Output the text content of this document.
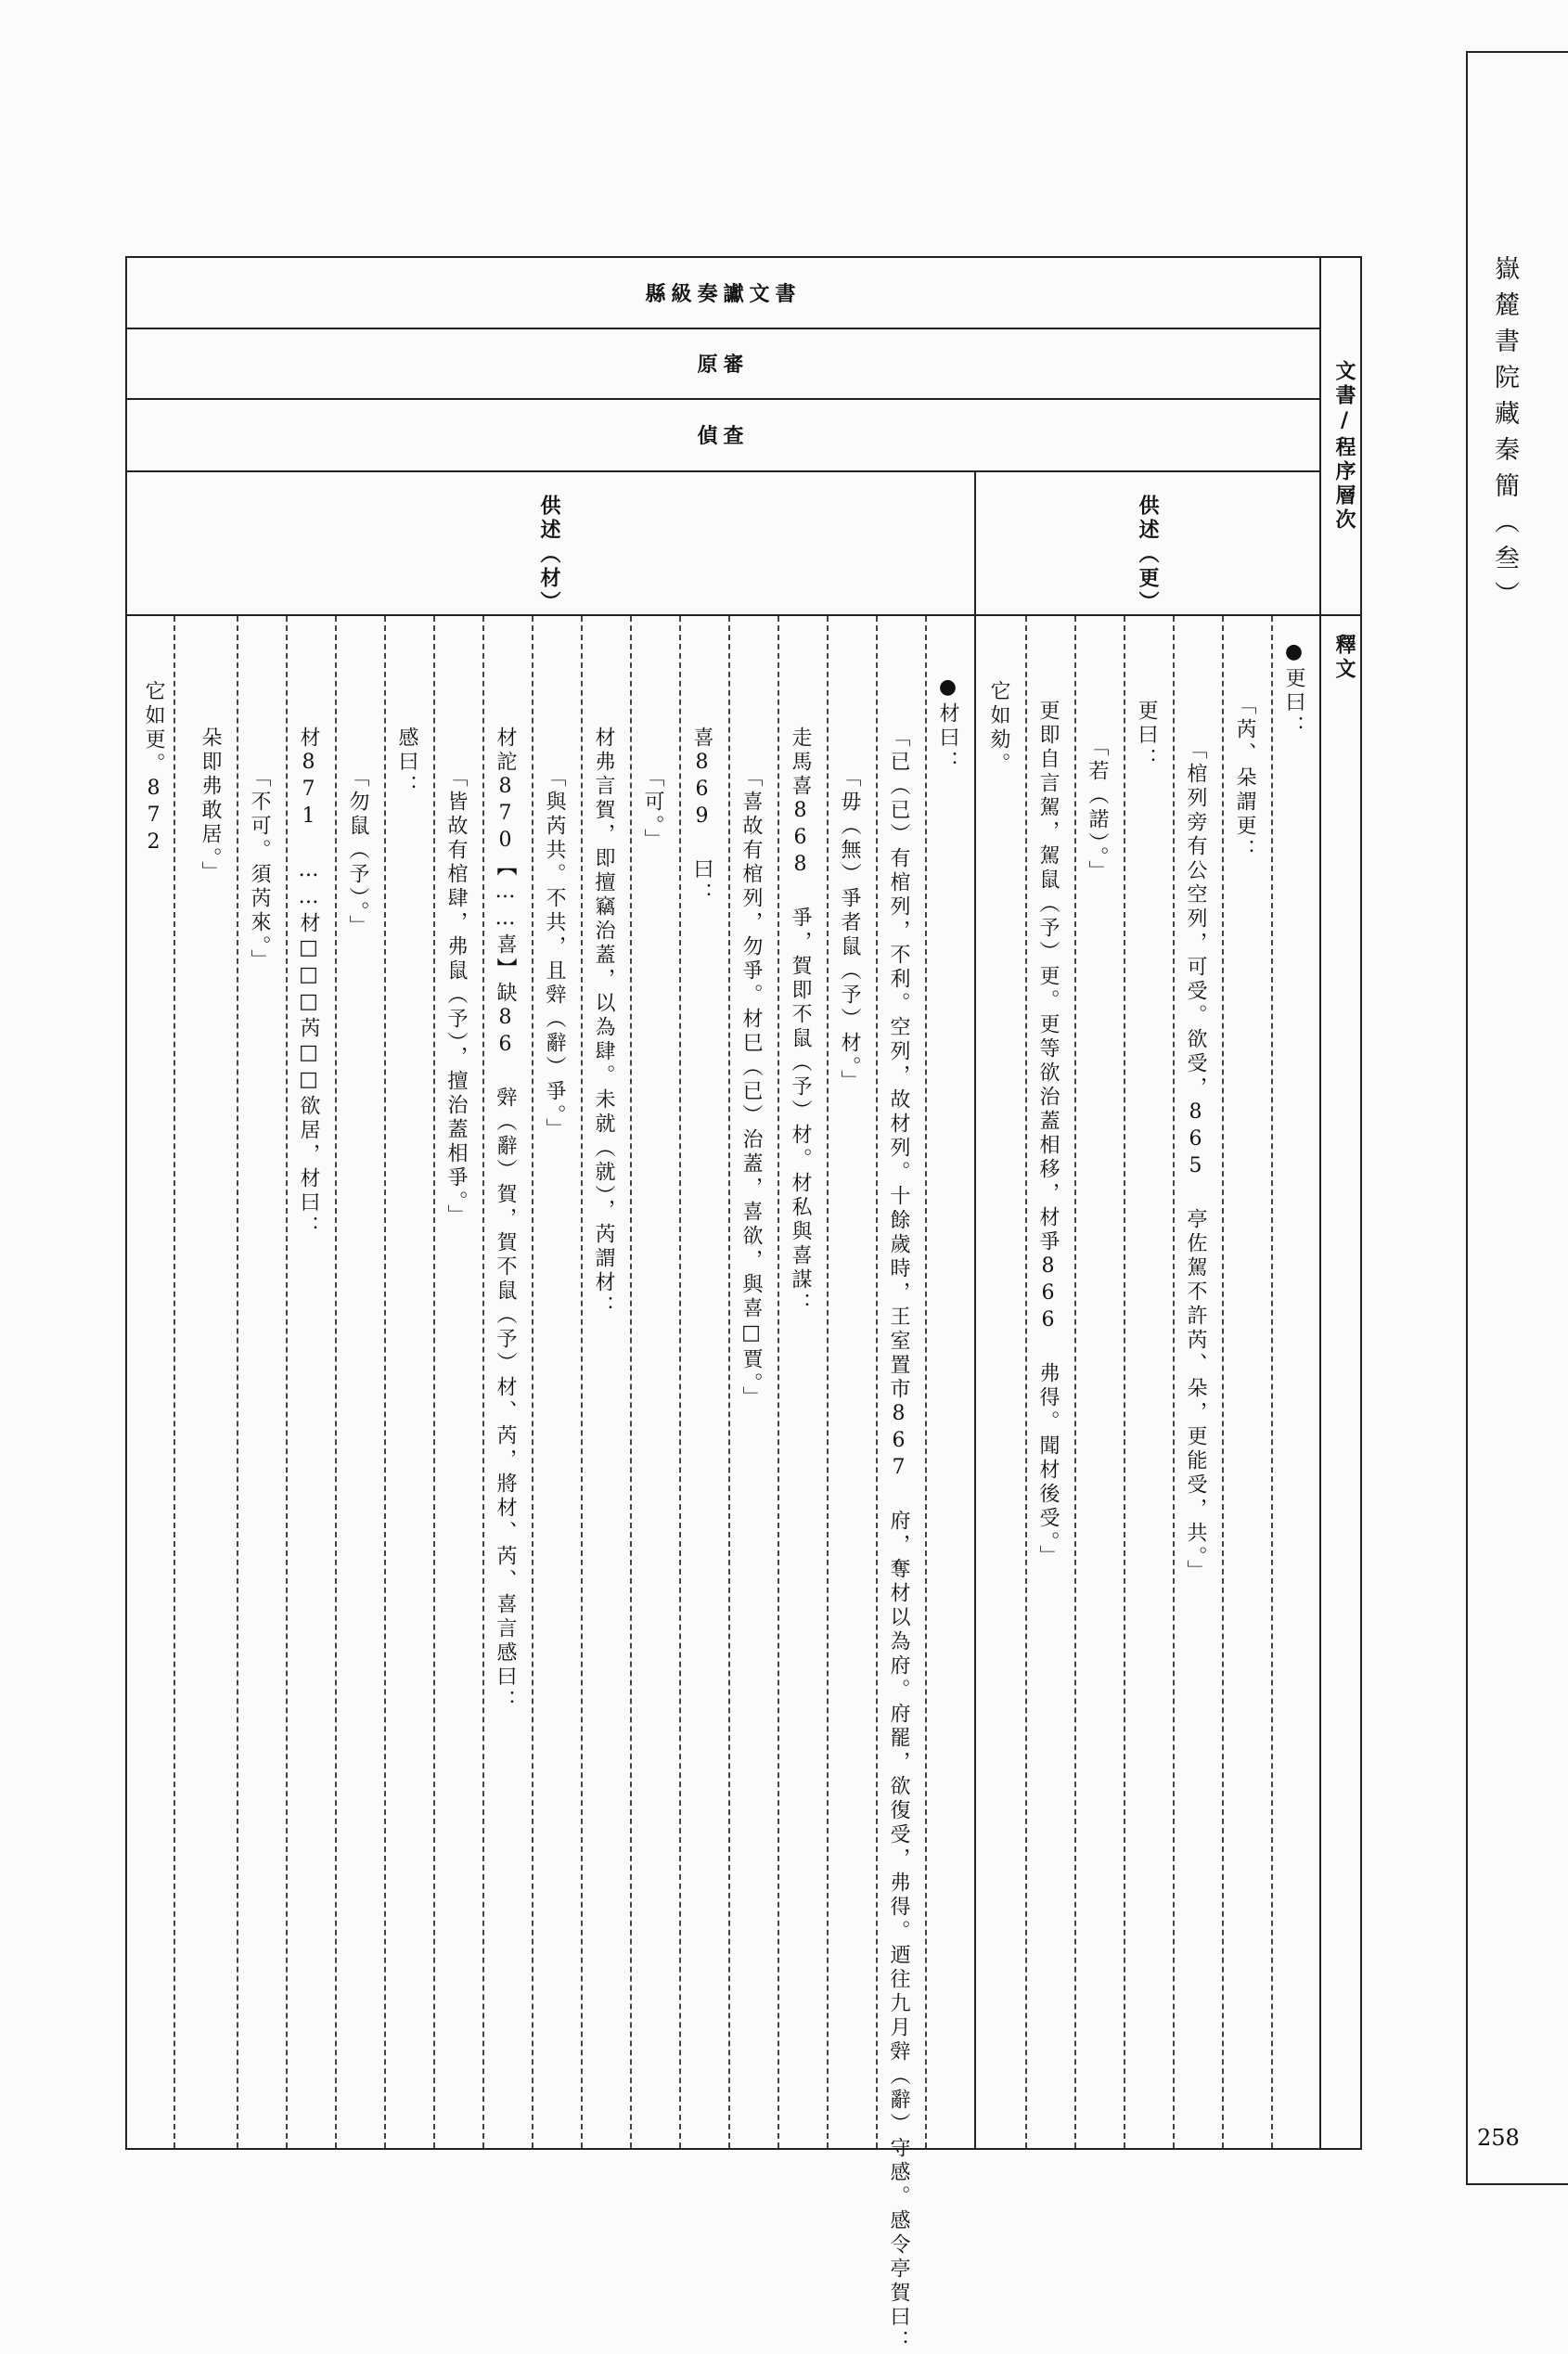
嶽麓書院藏秦簡（叁）
258
縣級奏讞文書
原審
偵查	文書/程序層次
釋文
供述（更）
供述（材）
●更曰：
「芮、朵謂更：
「棺列旁有公空列，可受。欲受，865 亭佐駕不許芮、朵，更能受，共。」
更曰：
「若（諾）。」
更即自言駕，駕鼠（予）更。更等欲治蓋相移，材爭866 弗得。聞材後受。」
它如劾。
●材曰：
「已（已）有棺列，不利。空列，故材列。十餘歲時，王室置市867 府，奪材以為府。府罷，欲復受，弗得。迺往九月辤（辭）守感。感令亭賀曰：
「毋（無）爭者鼠（予）材。」
走馬喜868 爭，賀即不鼠（予）材。材私與喜謀：
「喜故有棺列，勿爭。材巳（已）治蓋，喜欲，與喜□賈。」
喜869 曰：
「可。」
材弗言賀，即擅竊治蓋，以為肆。未就（就），芮謂材：
「與芮共。不共，且辤（辭）爭。」
材詑870【……喜】缺86 辤（辭）賀，賀不鼠（予）材、芮，將材、芮、喜言感曰：
「皆故有棺肆，弗鼠（予），擅治蓋相爭。」
感曰：
「勿鼠（予）。」
材871 ……材□□□芮□□欲居，材曰：
「不可。須芮來。」
朵即弗敢居。」
它如更。872
